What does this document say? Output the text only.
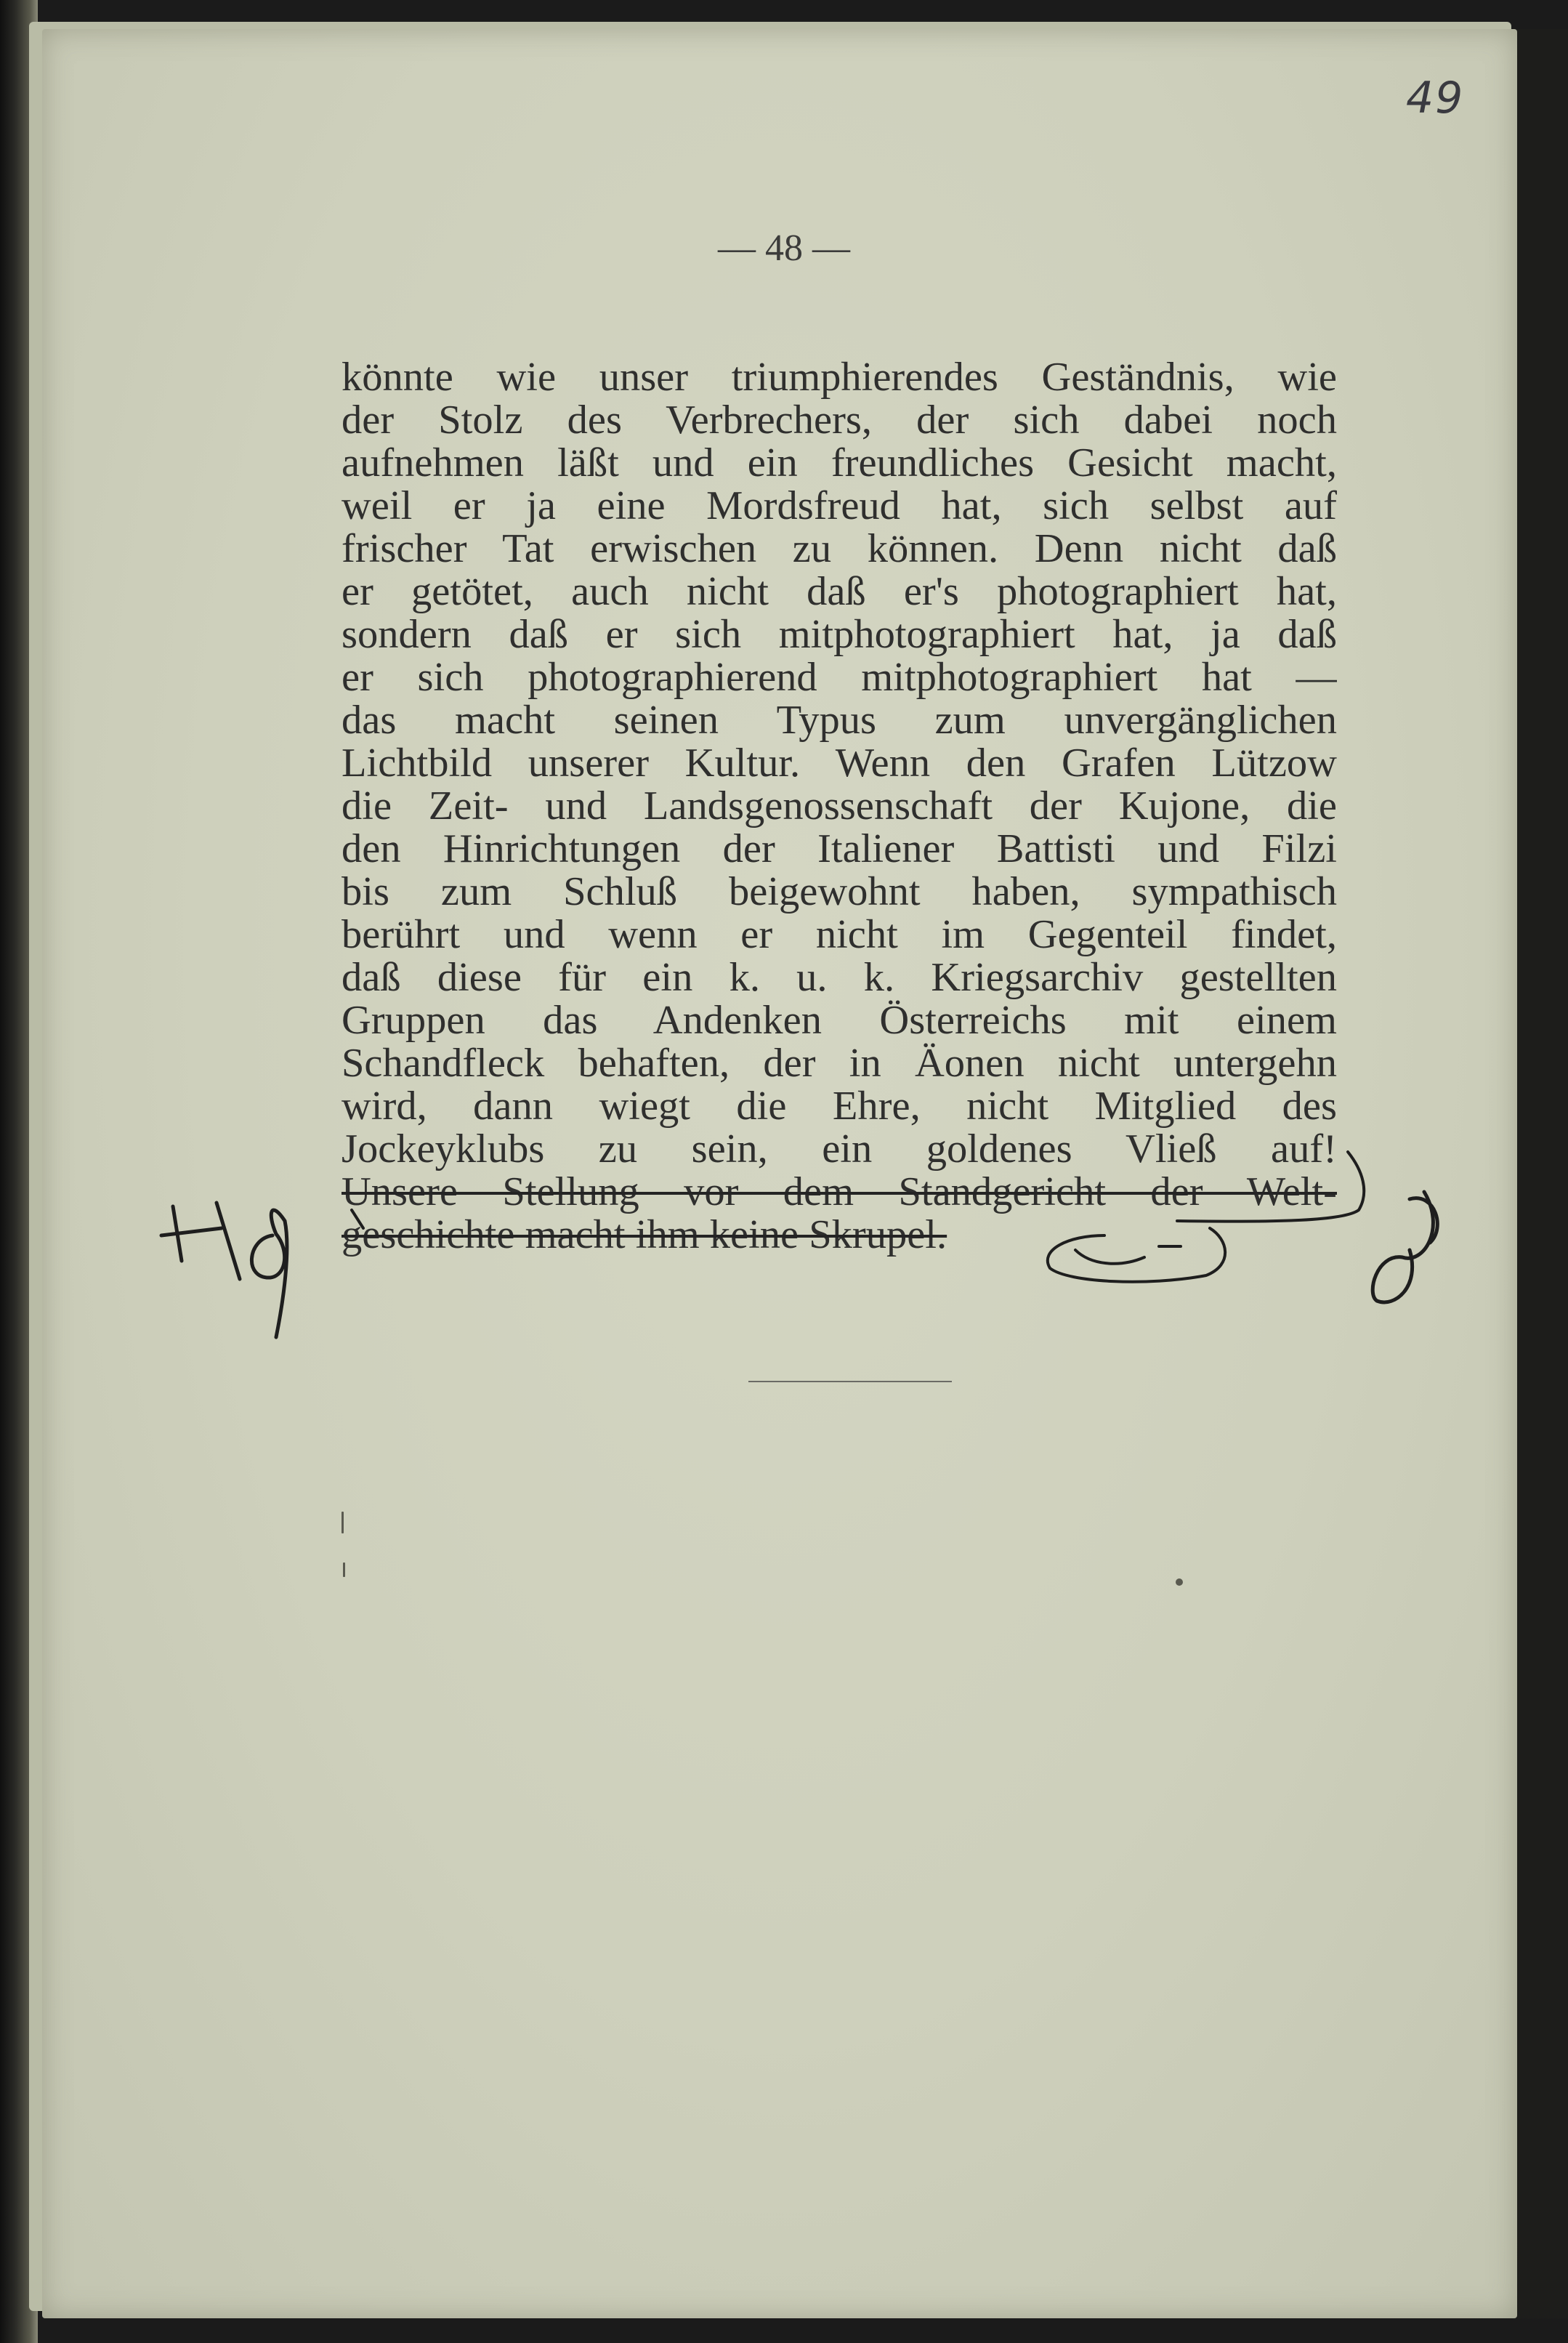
49
— 48 —
könnte wie unser triumphierendes Geständnis, wie
der Stolz des Verbrechers, der sich dabei noch
aufnehmen läßt und ein freundliches Gesicht macht,
weil er ja eine Mordsfreud hat, sich selbst auf
frischer Tat erwischen zu können. Denn nicht daß
er getötet, auch nicht daß er's photographiert hat,
sondern daß er sich mitphotographiert hat, ja daß
er sich photographierend mitphotographiert hat —
das macht seinen Typus zum unvergänglichen
Lichtbild unserer Kultur. Wenn den Grafen Lützow
die Zeit- und Landsgenossenschaft der Kujone, die
den Hinrichtungen der Italiener Battisti und Filzi
bis zum Schluß beigewohnt haben, sympathisch
berührt und wenn er nicht im Gegenteil findet,
daß diese für ein k. u. k. Kriegsarchiv gestellten
Gruppen das Andenken Österreichs mit einem
Schandfleck behaften, der in Äonen nicht untergehn
wird, dann wiegt die Ehre, nicht Mitglied des
Jockeyklubs zu sein, ein goldenes Vließ auf!
Unsere Stellung vor dem Standgericht der Welt-
geschichte macht ihm keine Skrupel.
